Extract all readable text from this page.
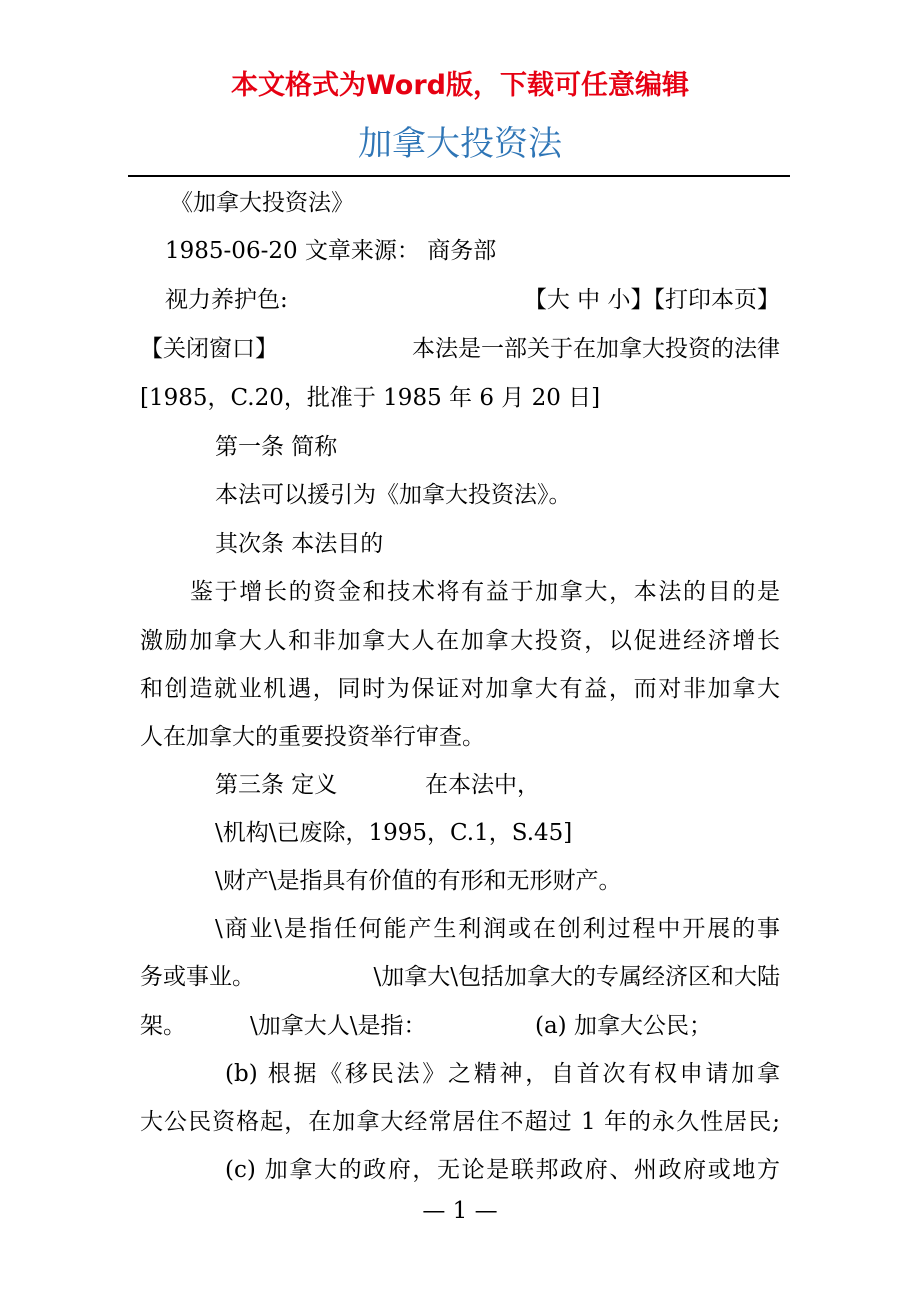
本文格式为Word版，下载可任意编辑
加拿大投资法
《加拿大投资法》
1985-06-20 文章来源： 商务部
视力养护色:	【大 中 小】【打印本页】
【关闭窗口】	本法是一部关于在加拿大投资的法律
[1985，C.20，批准于 1985 年 6 月 20 日]
第一条 简称
本法可以援引为《加拿大投资法》。
其次条 本法目的
鉴于增长的资金和技术将有益于加拿大，本法的目的是
激励加拿大人和非加拿大人在加拿大投资，以促进经济增长
和创造就业机遇，同时为保证对加拿大有益，而对非加拿大
人在加拿大的重要投资举行审查。
第三条 定义	在本法中，
\机构\已废除，1995，C.1，S.45]
\财产\是指具有价值的有形和无形财产。
\商业\是指任何能产生利润或在创利过程中开展的事
务或事业。	\加拿大\包括加拿大的专属经济区和大陆
架。	\加拿大人\是指：	(a) 加拿大公民；
(b) 根据《移民法》之精神，自首次有权申请加拿
大公民资格起，在加拿大经常居住不超过 1 年的永久性居民;
(c) 加拿大的政府，无论是联邦政府、州政府或地方
— 1 —
